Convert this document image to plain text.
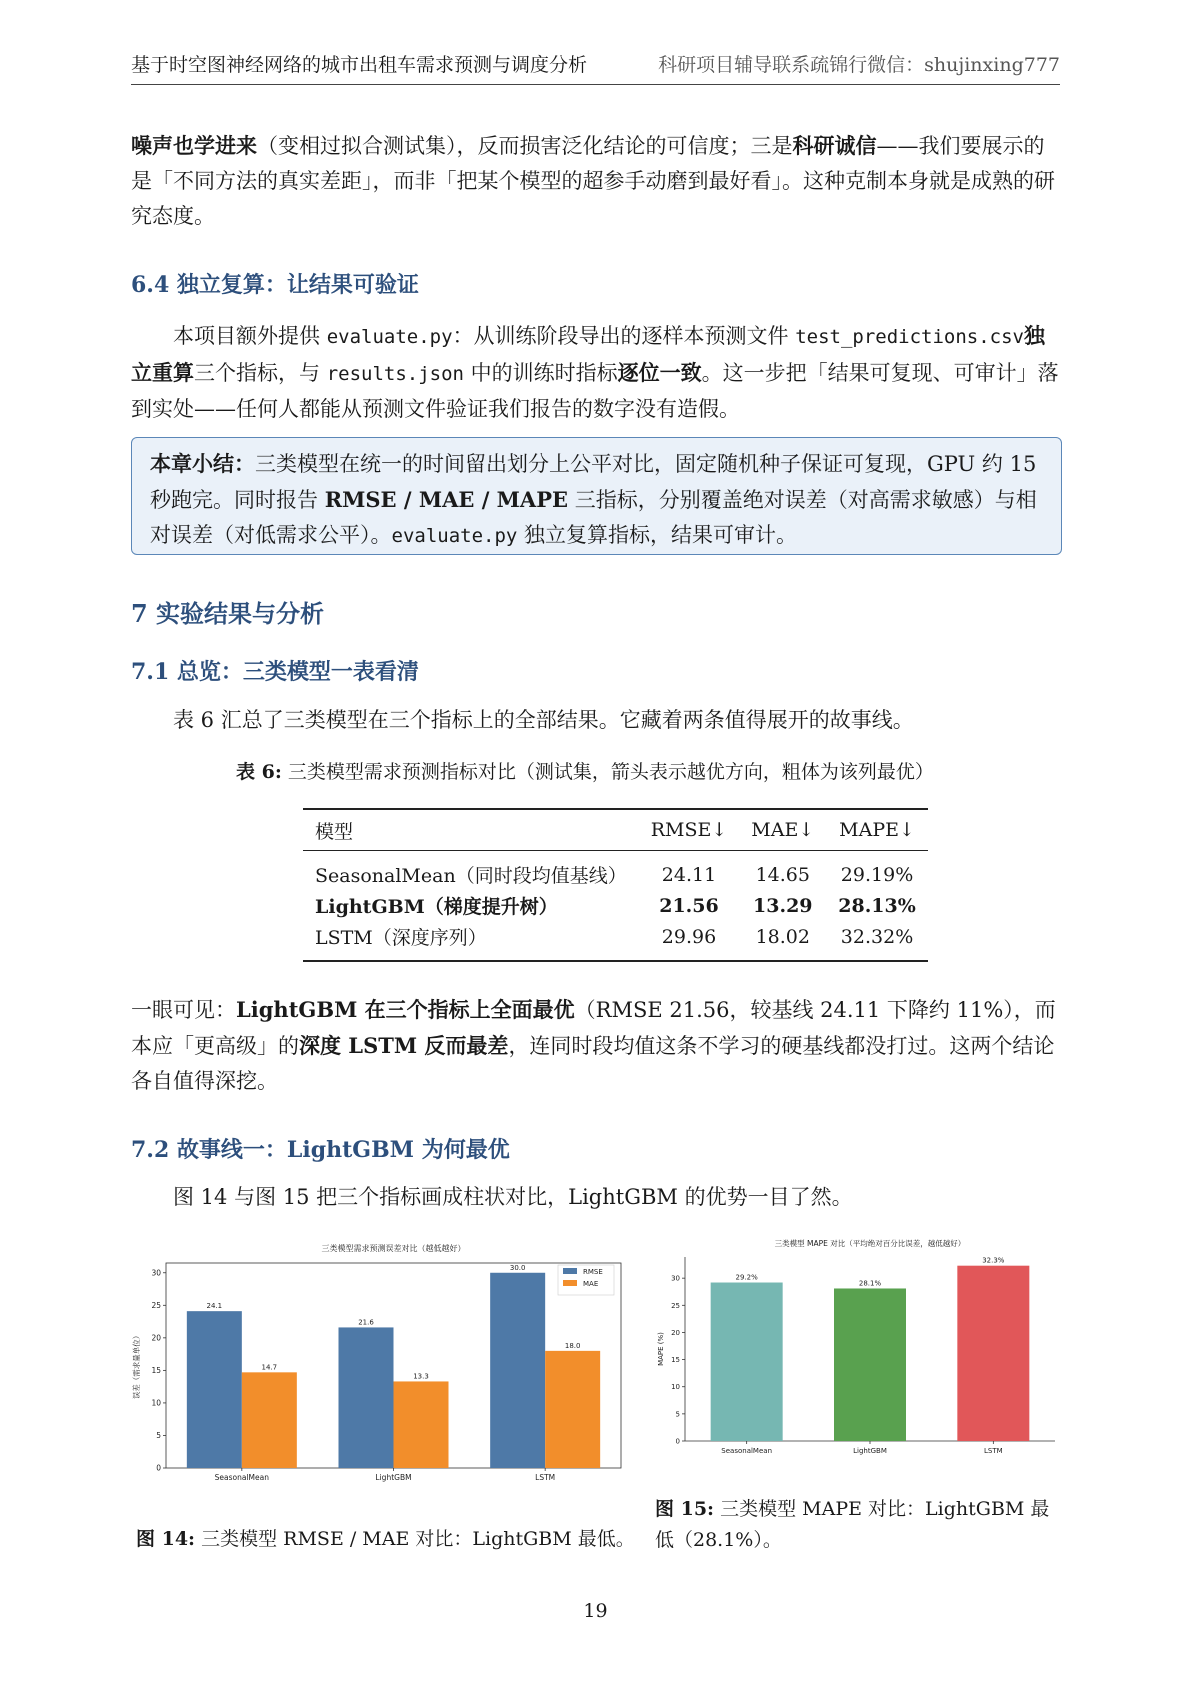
基于时空图神经网络的城市出租车需求预测与调度分析	科研项目辅导联系疏锦行微信：shujinxing777

噪声也学进来（变相过拟合测试集），反而损害泛化结论的可信度；三是科研诚信——我们要展示的是「不同方法的真实差距」，而非「把某个模型的超参手动磨到最好看」。这种克制本身就是成熟的研究态度。

6.4 独立复算：让结果可验证

本项目额外提供 evaluate.py：从训练阶段导出的逐样本预测文件 test_predictions.csv独立重算三个指标，与 results.json 中的训练时指标逐位一致。这一步把「结果可复现、可审计」落到实处——任何人都能从预测文件验证我们报告的数字没有造假。

本章小结：三类模型在统一的时间留出划分上公平对比，固定随机种子保证可复现，GPU 约 15 秒跑完。同时报告 RMSE / MAE / MAPE 三指标，分别覆盖绝对误差（对高需求敏感）与相对误差（对低需求公平）。evaluate.py 独立复算指标，结果可审计。
7 实验结果与分析
7.1 总览：三类模型一表看清

表 6 汇总了三类模型在三个指标上的全部结果。它藏着两条值得展开的故事线。

表 6: 三类模型需求预测指标对比（测试集，箭头表示越优方向，粗体为该列最优）

模型	RMSE↓	MAE↓	MAPE↓
SeasonalMean（同时段均值基线）	24.11	14.65	29.19%
LightGBM（梯度提升树）	21.56	13.29	28.13%
LSTM（深度序列）	29.96	18.02	32.32%

一眼可见：LightGBM 在三个指标上全面最优（RMSE 21.56，较基线 24.11 下降约 11%），而本应「更高级」的深度 LSTM 反而最差，连同时段均值这条不学习的硬基线都没打过。这两个结论各自值得深挖。

7.2 故事线一：LightGBM 为何最优

图 14 与图 15 把三个指标画成柱状对比，LightGBM 的优势一目了然。

三类模型需求预测误差对比（越低越好）
误差（需求量单位）
0
5
10
15
20
25
30
SeasonalMean
24.1
14.7
LightGBM
21.6
13.3
LSTM
30.0
18.0
RMSE
MAE

图 14: 三类模型 RMSE / MAE 对比：LightGBM 最低。

三类模型 MAPE 对比（平均绝对百分比误差，越低越好）
MAPE (%)
0
5
10
15
20
25
30	29.2%
SeasonalMean
28.1%
LightGBM
32.3%
LSTM

图 15: 三类模型 MAPE 对比：LightGBM 最低（28.1%）。

19
